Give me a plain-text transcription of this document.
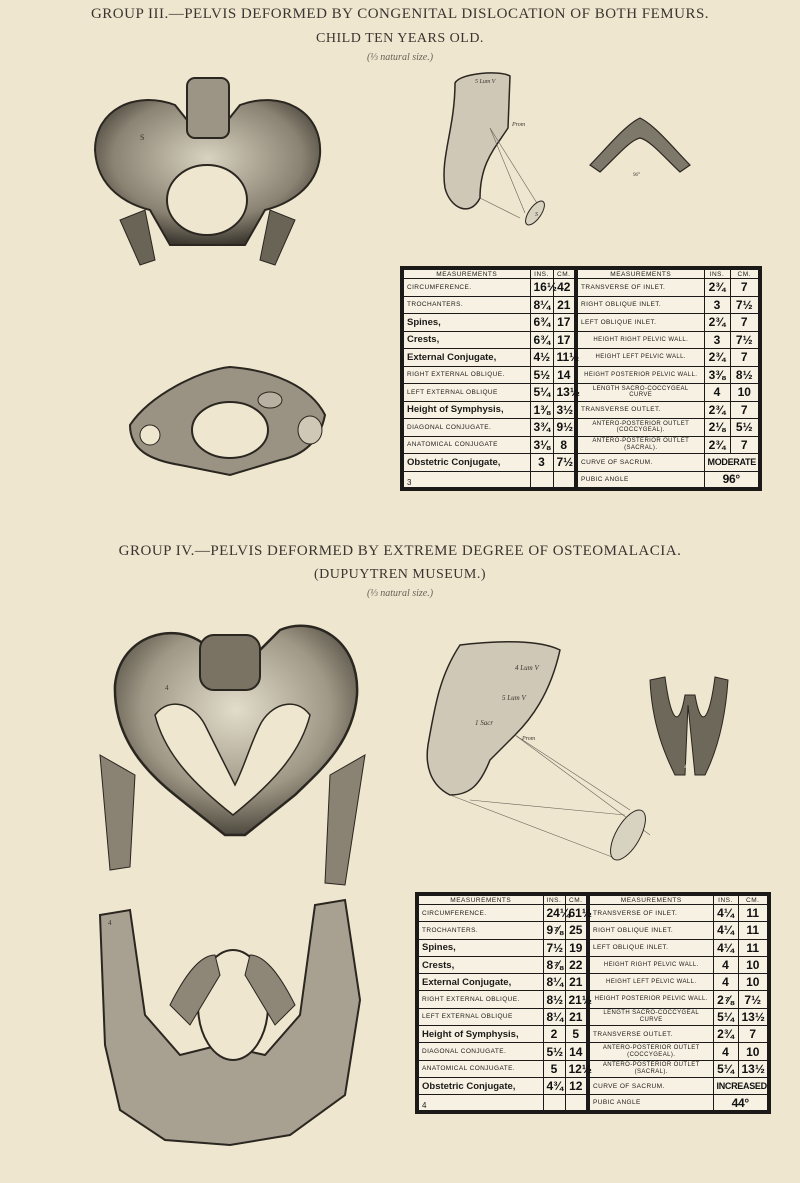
GROUP III.—PELVIS DEFORMED BY CONGENITAL DISLOCATION OF BOTH FEMURS.
CHILD TEN YEARS OLD.
(⅓ natural size.)
S
5 Lum V
Prom
S
96°
MEASUREMENTS	INS.	CM.	MEASUREMENTS	INS.	CM.
CIRCUMFERENCE.	16½	42	TRANSVERSE OF INLET.	2¾	7
TROCHANTERS.	8¼	21	RIGHT OBLIQUE INLET.	3	7½
Spines,	6¾	17	LEFT OBLIQUE INLET.	2¾	7
Crests,	6¾	17	HEIGHT RIGHT PELVIC WALL.	3	7½
External Conjugate,	4½	11½	HEIGHT LEFT PELVIC WALL.	2¾	7
RIGHT EXTERNAL OBLIQUE.	5½	14	HEIGHT POSTERIOR PELVIC WALL.	3⅜	8½
LEFT EXTERNAL OBLIQUE	5¼	13½	LENGTH SACRO-COCCYGEAL CURVE	4	10
Height of Symphysis,	1⅜	3½	TRANSVERSE OUTLET.	2¾	7
DIAGONAL CONJUGATE.	3¾	9½	ANTERO-POSTERIOR OUTLET (COCCYGEAL).	2⅛	5½
ANATOMICAL CONJUGATE	3⅛	8	ANTERO-POSTERIOR OUTLET (SACRAL).	2¾	7
Obstetric Conjugate,	3	7½	CURVE OF SACRUM.	MODERATE	
3			PUBIC ANGLE	96°	
GROUP IV.—PELVIS DEFORMED BY EXTREME DEGREE OF OSTEOMALACIA.
(DUPUYTREN MUSEUM.)
(⅓ natural size.)
4
4 Lum V
5 Lum V
1 Sacr
Prom
44°
4
MEASUREMENTS	INS.	CM.	MEASUREMENTS	INS.	CM.
CIRCUMFERENCE.	24¼	61½	TRANSVERSE OF INLET.	4¼	11
TROCHANTERS.	9⅞	25	RIGHT OBLIQUE INLET.	4¼	11
Spines,	7½	19	LEFT OBLIQUE INLET.	4¼	11
Crests,	8⅞	22	HEIGHT RIGHT PELVIC WALL.	4	10
External Conjugate,	8¼	21	HEIGHT LEFT PELVIC WALL.	4	10
RIGHT EXTERNAL OBLIQUE.	8½	21½	HEIGHT POSTERIOR PELVIC WALL.	2⅞	7½
LEFT EXTERNAL OBLIQUE	8¼	21	LENGTH SACRO-COCCYGEAL CURVE	5¼	13½
Height of Symphysis,	2	5	TRANSVERSE OUTLET.	2¾	7
DIAGONAL CONJUGATE.	5½	14	ANTERO-POSTERIOR OUTLET (COCCYGEAL).	4	10
ANATOMICAL CONJUGATE.	5	12½	ANTERO-POSTERIOR OUTLET (SACRAL).	5¼	13½
Obstetric Conjugate,	4¾	12	CURVE OF SACRUM.	INCREASED	
4			PUBIC ANGLE	44°	
